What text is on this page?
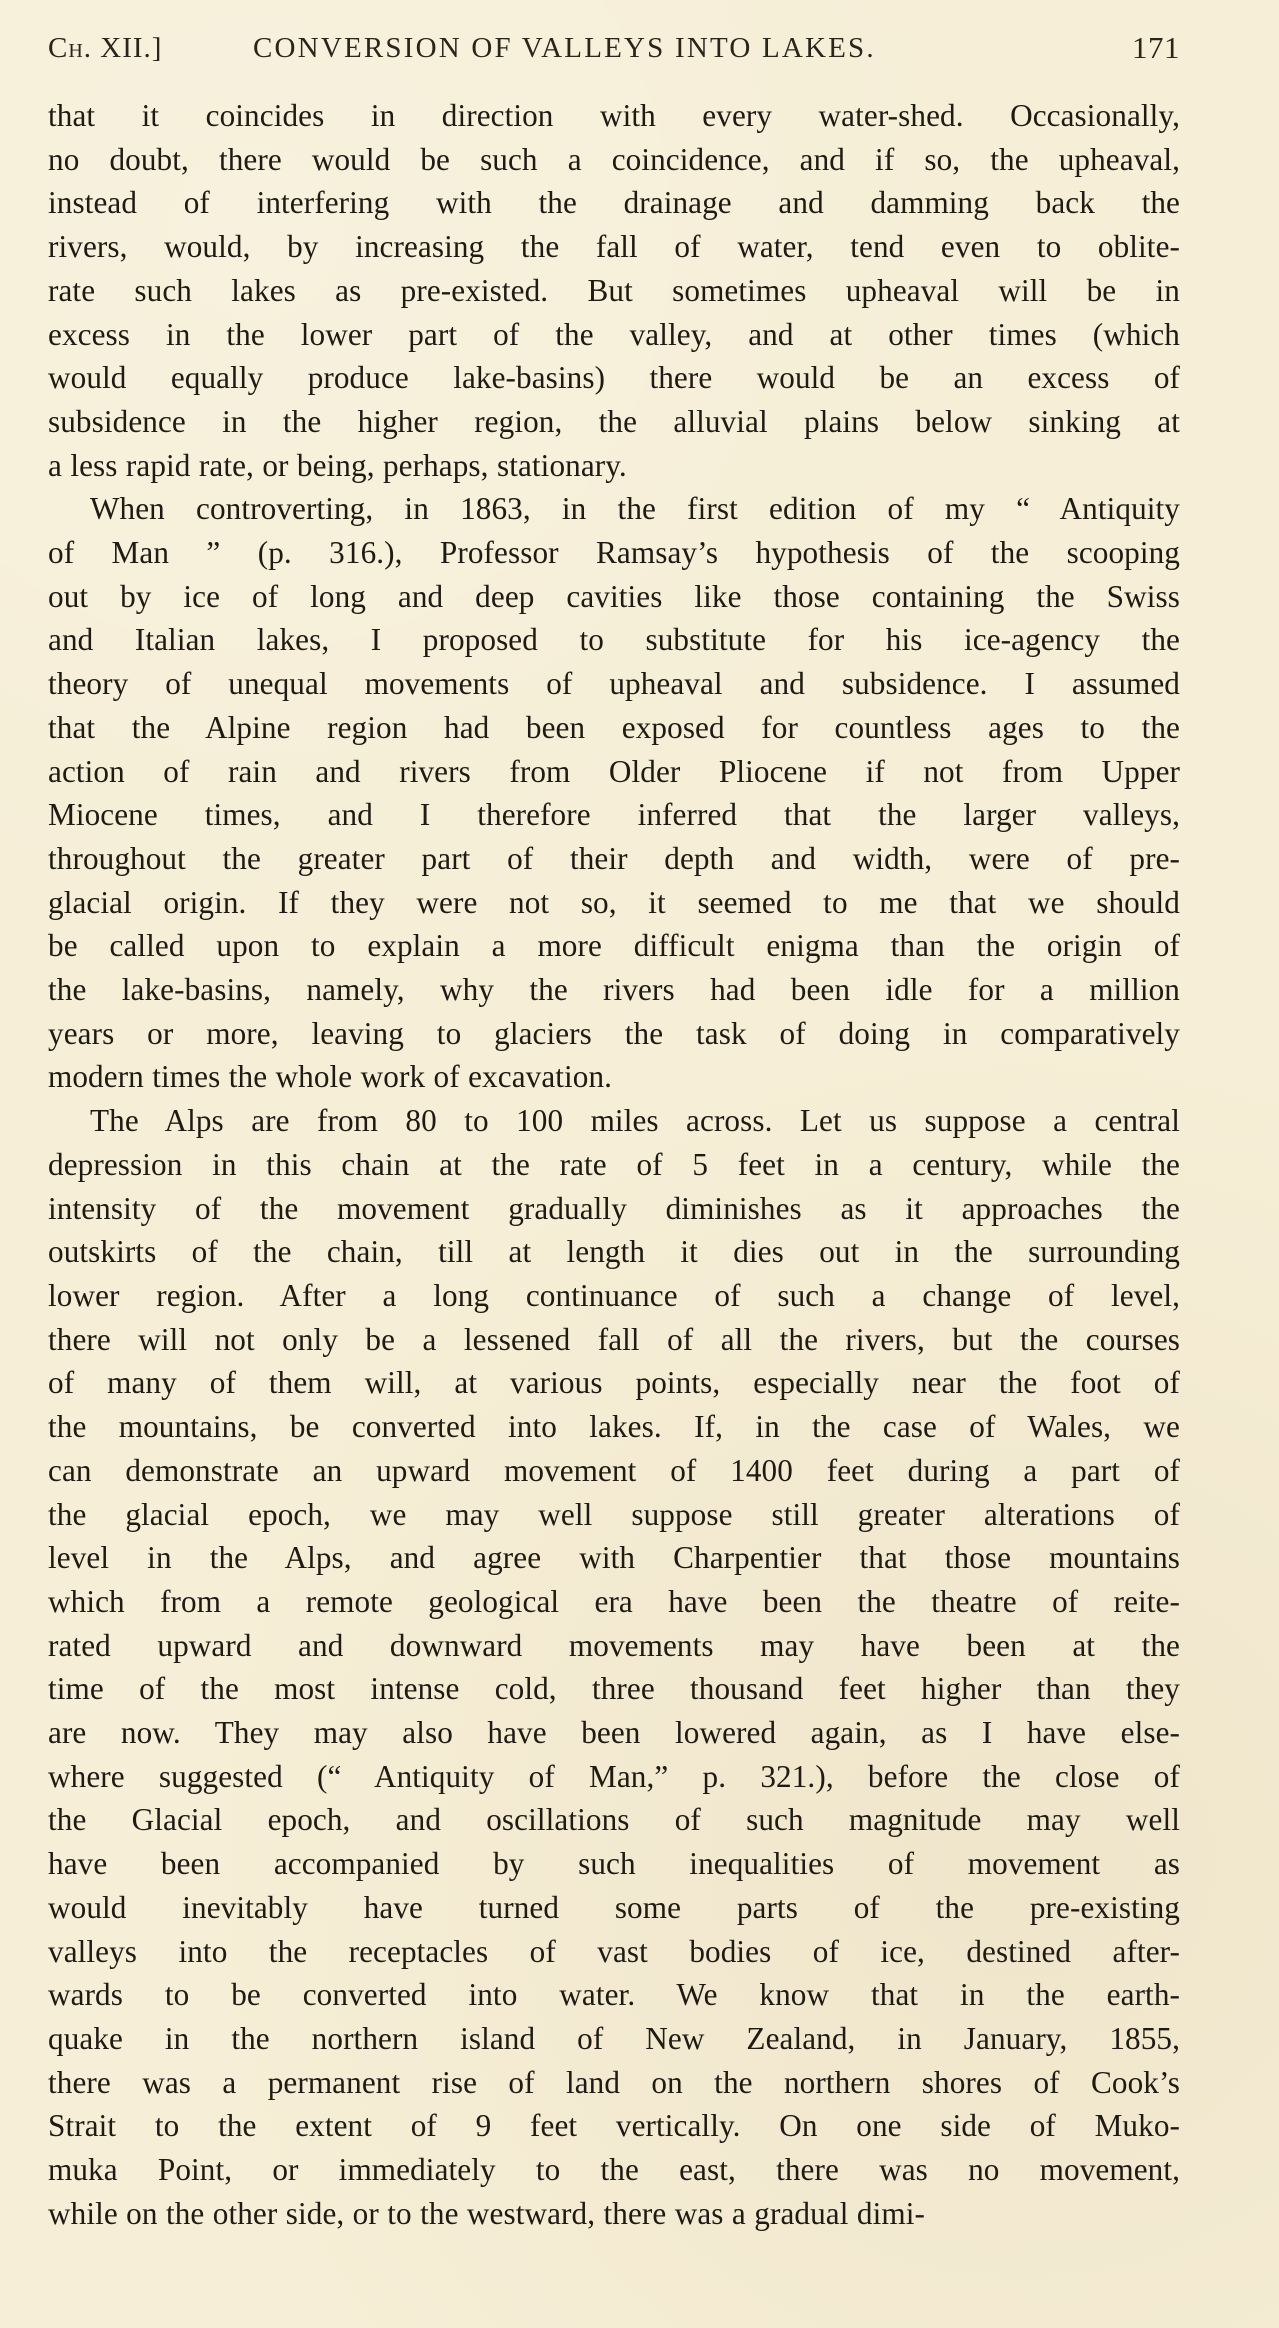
Ch. XII.]	CONVERSION OF VALLEYS INTO LAKES.	171
that it coincides in direction with every water-shed. Occasionally,
no doubt, there would be such a coincidence, and if so, the upheaval,
instead of interfering with the drainage and damming back the
rivers, would, by increasing the fall of water, tend even to oblite-
rate such lakes as pre-existed. But sometimes upheaval will be in
excess in the lower part of the valley, and at other times (which
would equally produce lake-basins) there would be an excess of
subsidence in the higher region, the alluvial plains below sinking at
a less rapid rate, or being, perhaps, stationary.
When controverting, in 1863, in the first edition of my “ Antiquity
of Man ” (p. 316.), Professor Ramsay’s hypothesis of the scooping
out by ice of long and deep cavities like those containing the Swiss
and Italian lakes, I proposed to substitute for his ice-agency the
theory of unequal movements of upheaval and subsidence. I assumed
that the Alpine region had been exposed for countless ages to the
action of rain and rivers from Older Pliocene if not from Upper
Miocene times, and I therefore inferred that the larger valleys,
throughout the greater part of their depth and width, were of pre-
glacial origin. If they were not so, it seemed to me that we should
be called upon to explain a more difficult enigma than the origin of
the lake-basins, namely, why the rivers had been idle for a million
years or more, leaving to glaciers the task of doing in comparatively
modern times the whole work of excavation.
The Alps are from 80 to 100 miles across. Let us suppose a central
depression in this chain at the rate of 5 feet in a century, while the
intensity of the movement gradually diminishes as it approaches the
outskirts of the chain, till at length it dies out in the surrounding
lower region. After a long continuance of such a change of level,
there will not only be a lessened fall of all the rivers, but the courses
of many of them will, at various points, especially near the foot of
the mountains, be converted into lakes. If, in the case of Wales, we
can demonstrate an upward movement of 1400 feet during a part of
the glacial epoch, we may well suppose still greater alterations of
level in the Alps, and agree with Charpentier that those mountains
which from a remote geological era have been the theatre of reite-
rated upward and downward movements may have been at the
time of the most intense cold, three thousand feet higher than they
are now. They may also have been lowered again, as I have else-
where suggested (“ Antiquity of Man,” p. 321.), before the close of
the Glacial epoch, and oscillations of such magnitude may well
have been accompanied by such inequalities of movement as
would inevitably have turned some parts of the pre-existing
valleys into the receptacles of vast bodies of ice, destined after-
wards to be converted into water. We know that in the earth-
quake in the northern island of New Zealand, in January, 1855,
there was a permanent rise of land on the northern shores of Cook’s
Strait to the extent of 9 feet vertically. On one side of Muko-
muka Point, or immediately to the east, there was no movement,
while on the other side, or to the westward, there was a gradual dimi-
